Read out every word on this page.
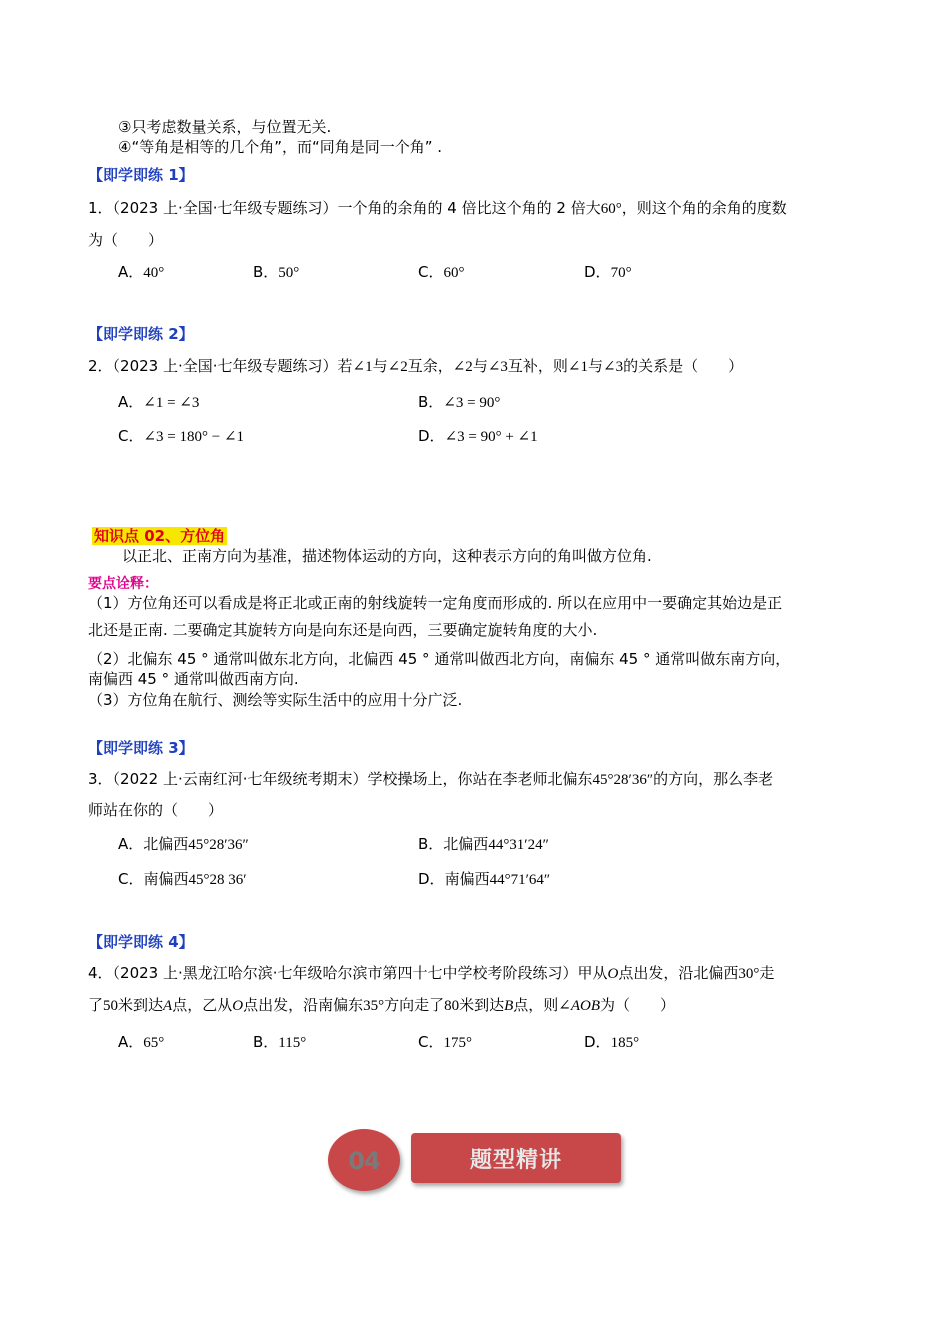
③只考虑数量关系，与位置无关.
④“等角是相等的几个角”，而“同角是同一个角” .
【即学即练 1】
1．（2023 上·全国·七年级专题练习）一个角的余角的 4 倍比这个角的 2 倍大60°，则这个角的余角的度数
为（　　）
A．40°	B．50°	C．60°	D．70°
【即学即练 2】
2．（2023 上·全国·七年级专题练习）若∠1与∠2互余，∠2与∠3互补，则∠1与∠3的关系是（　　）
A．∠1 = ∠3	B．∠3 = 90°
C．∠3 = 180° − ∠1	D．∠3 = 90° + ∠1
知识点 02、方位角
以正北、正南方向为基准，描述物体运动的方向，这种表示方向的角叫做方位角.
要点诠释：
（1）方位角还可以看成是将正北或正南的射线旋转一定角度而形成的. 所以在应用中一要确定其始边是正
北还是正南. 二要确定其旋转方向是向东还是向西，三要确定旋转角度的大小.
（2）北偏东 45 ° 通常叫做东北方向，北偏西 45 ° 通常叫做西北方向，南偏东 45 ° 通常叫做东南方向，
南偏西 45 ° 通常叫做西南方向.
（3）方位角在航行、测绘等实际生活中的应用十分广泛.
【即学即练 3】
3．（2022 上·云南红河·七年级统考期末）学校操场上，你站在李老师北偏东45°28′36″的方向，那么李老
师站在你的（　　）
A．北偏西45°28′36″	B．北偏西44°31′24″
C．南偏西45°28 36′	D．南偏西44°71′64″
【即学即练 4】
4．（2023 上·黑龙江哈尔滨·七年级哈尔滨市第四十七中学校考阶段练习）甲从O点出发，沿北偏西30°走
了50米到达A点，乙从O点出发，沿南偏东35°方向走了80米到达B点，则∠AOB为（　　）
A．65°	B．115°	C．175°	D．185°
04	题型精讲
